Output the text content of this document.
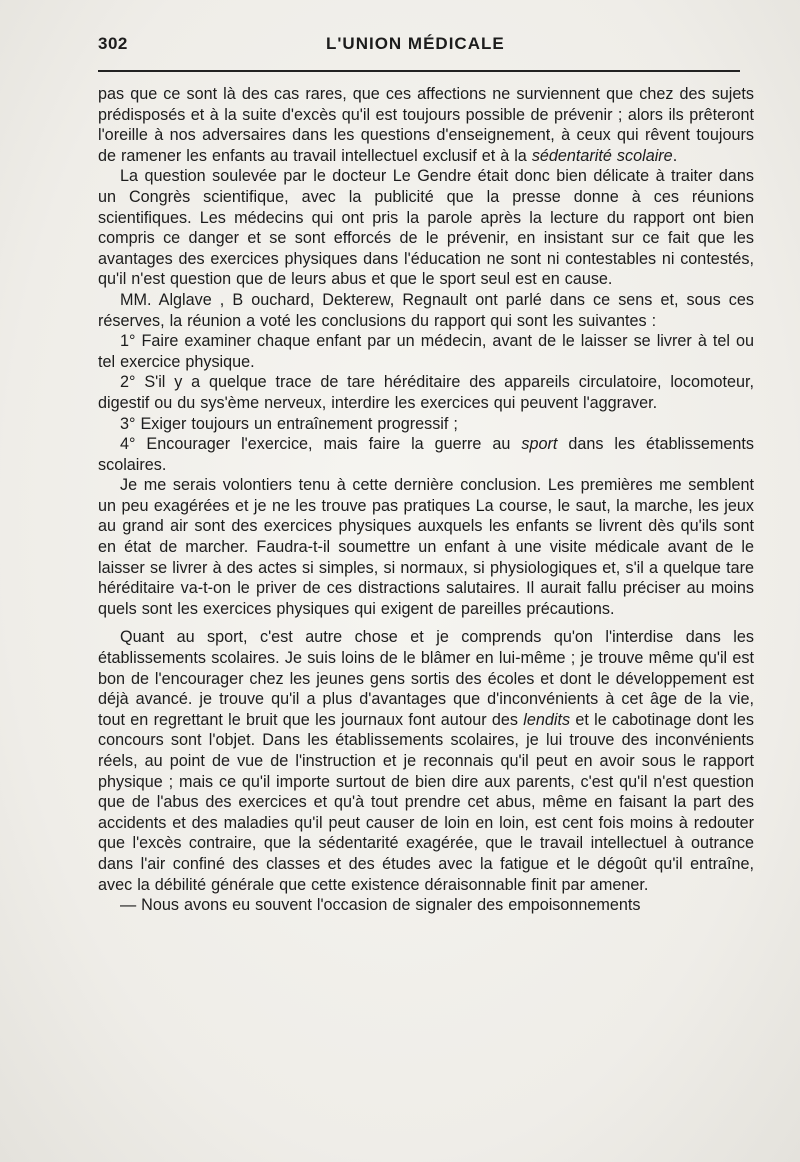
302	L'UNION MÉDICALE

pas que ce sont là des cas rares, que ces affections ne surviennent que chez des sujets prédisposés et à la suite d'excès qu'il est toujours possible de prévenir ; alors ils prêteront l'oreille à nos adversaires dans les questions d'enseignement, à ceux qui rêvent toujours de ramener les enfants au travail intellectuel exclusif et à la sédentarité scolaire.

La question soulevée par le docteur Le Gendre était donc bien délicate à traiter dans un Congrès scientifique, avec la publicité que la presse donne à ces réunions scientifiques. Les médecins qui ont pris la parole après la lecture du rapport ont bien compris ce danger et se sont efforcés de le prévenir, en insistant sur ce fait que les avantages des exercices physiques dans l'éducation ne sont ni contestables ni contestés, qu'il n'est question que de leurs abus et que le sport seul est en cause.

MM. Alglave , B ouchard, Dekterew, Regnault ont parlé dans ce sens et, sous ces réserves, la réunion a voté les conclusions du rapport qui sont les suivantes :

1° Faire examiner chaque enfant par un médecin, avant de le laisser se livrer à tel ou tel exercice physique.

2° S'il y a quelque trace de tare héréditaire des appareils circulatoire, locomoteur, digestif ou du sys'ème nerveux, interdire les exercices qui peuvent l'aggraver.

3° Exiger toujours un entraînement progressif ;

4° Encourager l'exercice, mais faire la guerre au sport dans les établissements scolaires.

Je me serais volontiers tenu à cette dernière conclusion. Les premières me semblent un peu exagérées et je ne les trouve pas pratiques La course, le saut, la marche, les jeux au grand air sont des exercices physiques auxquels les enfants se livrent dès qu'ils sont en état de marcher. Faudra-t-il soumettre un enfant à une visite médicale avant de le laisser se livrer à des actes si simples, si normaux, si physiologiques et, s'il a quelque tare héréditaire va-t-on le priver de ces distractions salutaires. Il aurait fallu préciser au moins quels sont les exercices physiques qui exigent de pareilles précautions.

Quant au sport, c'est autre chose et je comprends qu'on l'interdise dans les établissements scolaires. Je suis loins de le blâmer en lui-même ; je trouve même qu'il est bon de l'encourager chez les jeunes gens sortis des écoles et dont le développement est déjà avancé. je trouve qu'il a plus d'avantages que d'inconvénients à cet âge de la vie, tout en regrettant le bruit que les journaux font autour des lendits et le cabotinage dont les concours sont l'objet. Dans les établissements scolaires, je lui trouve des inconvénients réels, au point de vue de l'instruction et je reconnais qu'il peut en avoir sous le rapport physique ; mais ce qu'il importe surtout de bien dire aux parents, c'est qu'il n'est question que de l'abus des exercices et qu'à tout prendre cet abus, même en faisant la part des accidents et des maladies qu'il peut causer de loin en loin, est cent fois moins à redouter que l'excès contraire, que la sédentarité exagérée, que le travail intellectuel à outrance dans l'air confiné des classes et des études avec la fatigue et le dégoût qu'il entraîne, avec la débilité générale que cette existence déraisonnable finit par amener.

— Nous avons eu souvent l'occasion de signaler des empoisonnements
